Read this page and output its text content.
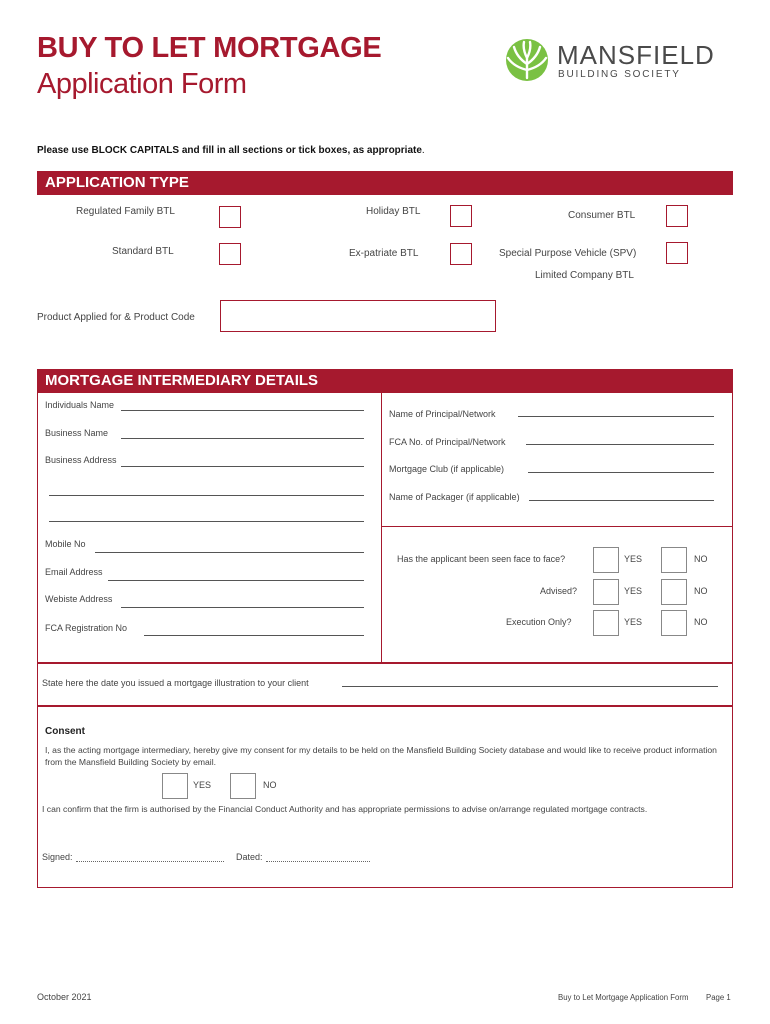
BUY TO LET MORTGAGE
Application Form
MANSFIELD
BUILDING SOCIETY
Please use BLOCK CAPITALS and fill in all sections or tick boxes, as appropriate.
APPLICATION TYPE
Regulated Family BTL	Holiday BTL	Consumer BTL
Standard BTL	Ex-patriate BTL	Special Purpose Vehicle (SPV)
Limited Company BTL
Product Applied for & Product Code
MORTGAGE INTERMEDIARY DETAILS
Individuals Name
Business Name
Business Address
Mobile No
Email Address
Webiste Address
FCA Registration No
Name of Principal/Network
FCA No. of Principal/Network
Mortgage Club (if applicable)
Name of Packager (if applicable)
Has the applicant been seen face to face?	YES	NO
Advised?	YES	NO
Execution Only?	YES	NO
State here the date you issued a mortgage illustration to your client
Consent
I, as the acting mortgage intermediary, hereby give my consent for my details to be held on the Mansfield Building Society database and would like to receive product information from the Mansfield Building Society by email.
YES	NO
I can confirm that the firm is authorised by the Financial Conduct Authority and has appropriate permissions to advise on/arrange regulated mortgage contracts.
Signed:	Dated:
October 2021	Buy to Let Mortgage Application Form Page 1
